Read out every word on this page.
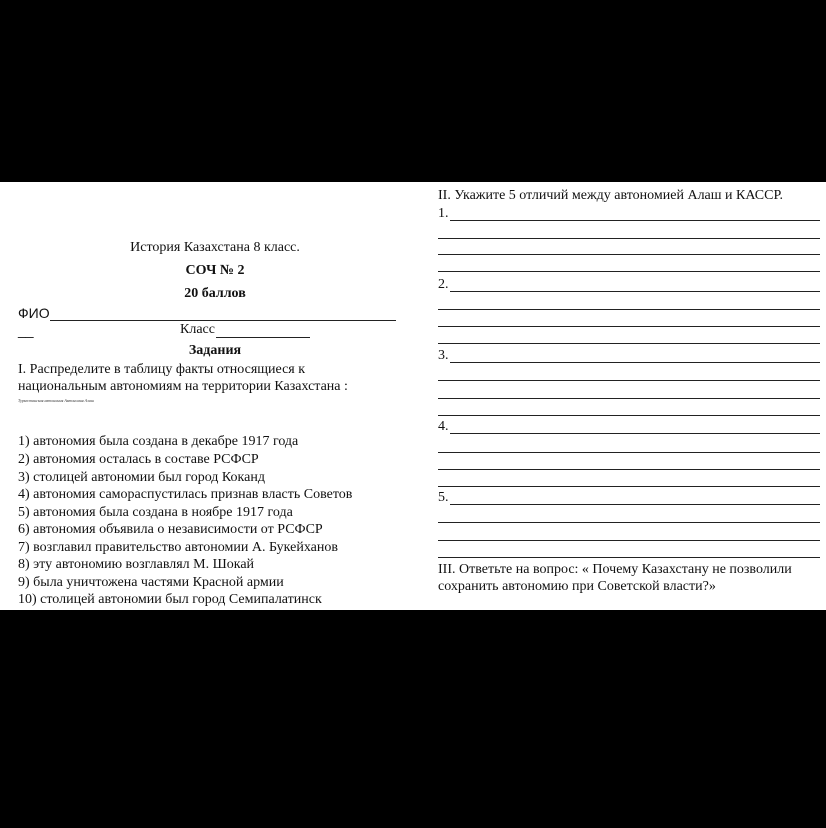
История Казахстана 8 класс.
СОЧ № 2
20 баллов
ФИО
__	Класс
Задания
I. Распределите в таблицу факты относящиеся к
национальным автономиям на территории Казахстана :
Туркестанская автономия Автономия Алаш
1) автономия была создана в декабре 1917 года
2) автономия осталась в составе РСФСР
3) столицей автономии был город Коканд
4) автономия самораспустилась признав власть Советов
5) автономия была создана в ноябре 1917 года
6) автономия объявила о независимости от РСФСР
7) возглавил правительство автономии А. Букейханов
8) эту автономию возглавлял М. Шокай
9) была уничтожена частями Красной армии
10) столицей автономии был город Семипалатинск
II. Укажите 5 отличий между автономией Алаш и КАССР.
1.
2.
3.
4.
5.
III. Ответьте на вопрос: « Почему Казахстану не позволили
сохранить автономию при Советской власти?»
